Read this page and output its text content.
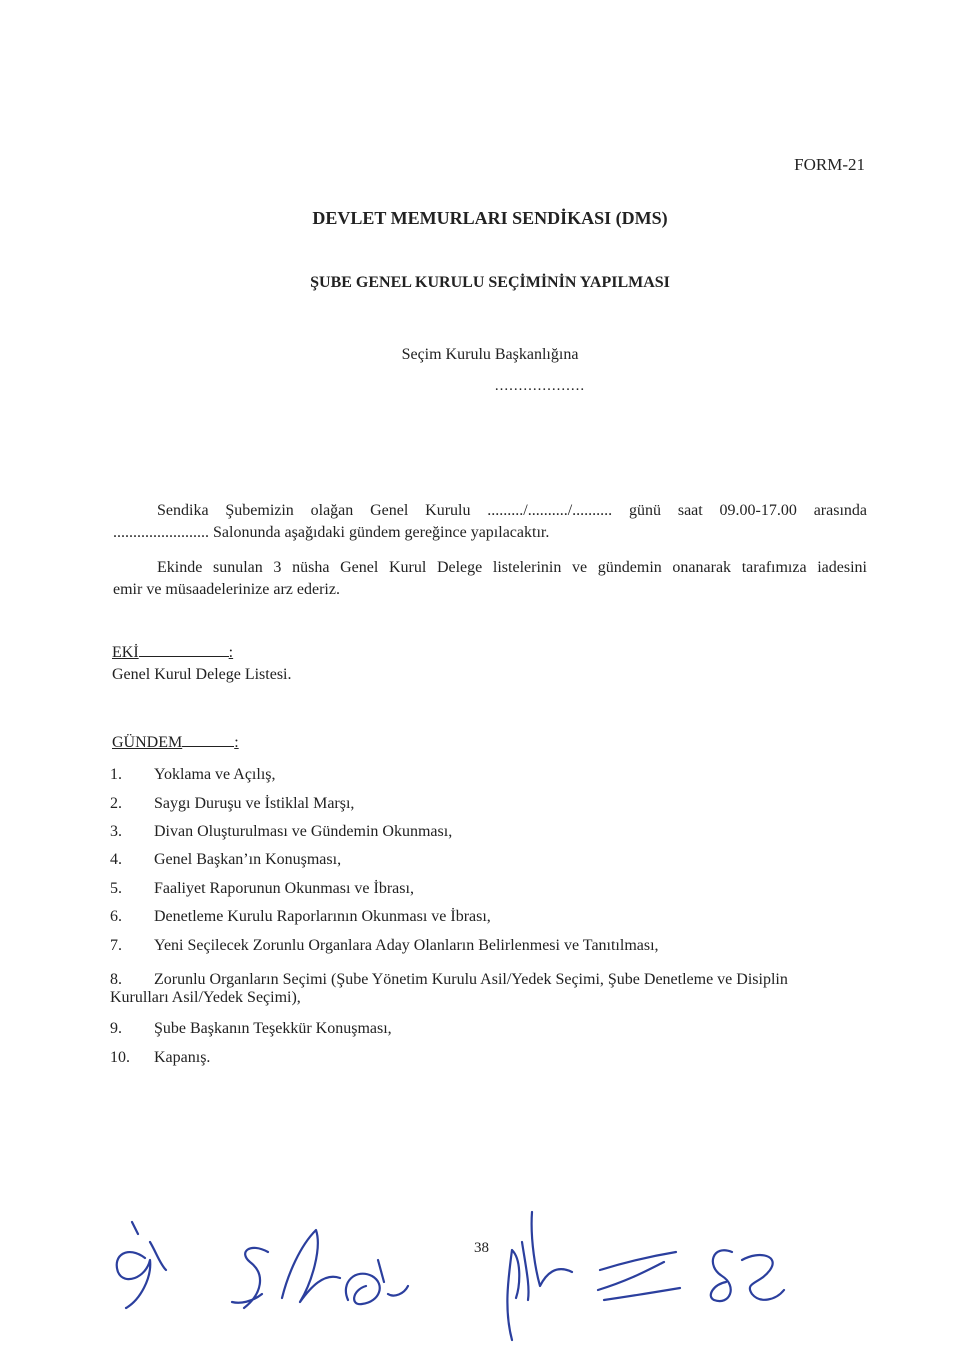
FORM-21
DEVLET MEMURLARI SENDİKASI (DMS)
ŞUBE GENEL KURULU SEÇİMİNİN YAPILMASI
Seçim Kurulu Başkanlığına
...................
Sendika Şubemizin olağan Genel Kurulu ........./........../.......... günü saat 09.00-17.00 arasında
........................ Salonunda aşağıdaki gündem gereğince yapılacaktır.
Ekinde sunulan 3 nüsha Genel Kurul Delege listelerinin ve gündemin onanarak tarafımıza iadesini
emir ve müsaadelerinize arz ederiz.
EKİ	:
Genel Kurul Delege Listesi.
GÜNDEM	:
1. Yoklama ve Açılış,
2. Saygı Duruşu ve İstiklal Marşı,
3. Divan Oluşturulması ve Gündemin Okunması,
4. Genel Başkan’ın Konuşması,
5. Faaliyet Raporunun Okunması ve İbrası,
6. Denetleme Kurulu Raporlarının Okunması ve İbrası,
7. Yeni Seçilecek Zorunlu Organlara Aday Olanların Belirlenmesi ve Tanıtılması,
8. Zorunlu Organların Seçimi (Şube Yönetim Kurulu Asil/Yedek Seçimi, Şube Denetleme ve Disiplin
Kurulları Asil/Yedek Seçimi),
9. Şube Başkanın Teşekkür Konuşması,
10. Kapanış.
38
